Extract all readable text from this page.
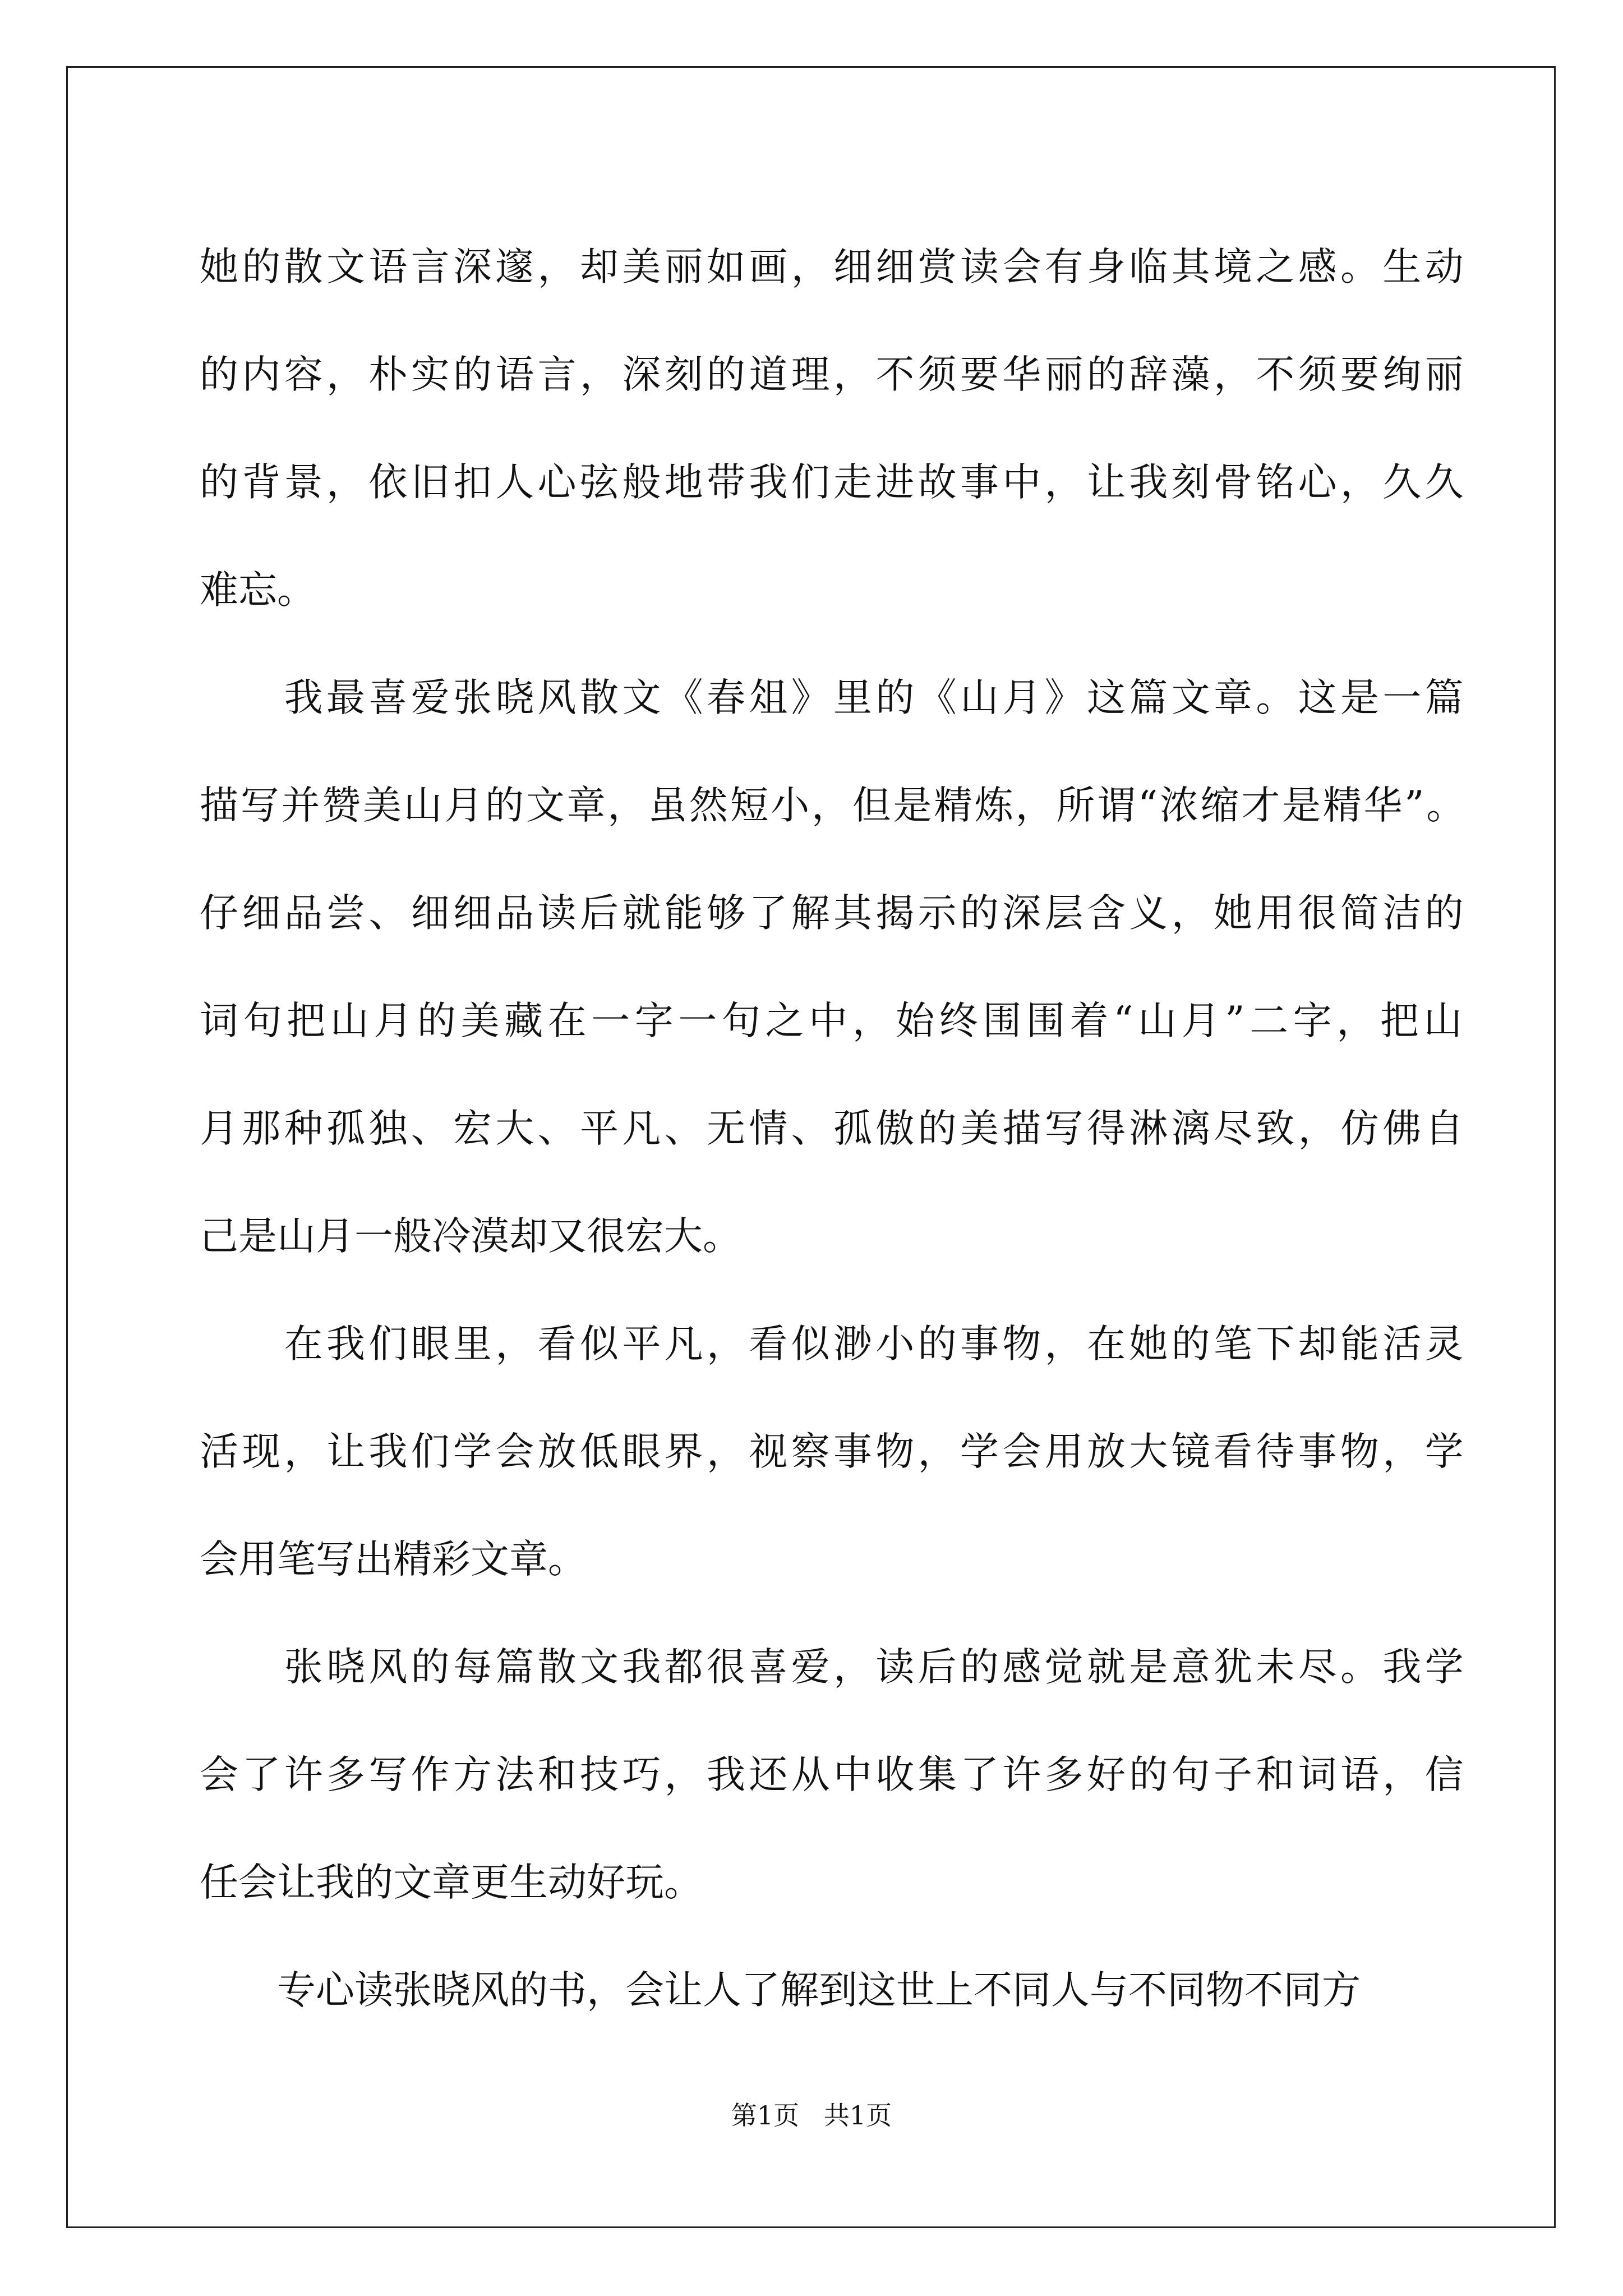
她的散文语言深邃，却美丽如画，细细赏读会有身临其境之感。生动
的内容，朴实的语言，深刻的道理，不须要华丽的辞藻，不须要绚丽
的背景，依旧扣人心弦般地带我们走进故事中，让我刻骨铭心，久久
难忘。
　　我最喜爱张晓风散文《春俎》里的《山月》这篇文章。这是一篇
描写并赞美山月的文章，虽然短小，但是精炼，所谓“浓缩才是精华”。
仔细品尝、细细品读后就能够了解其揭示的深层含义，她用很简洁的
词句把山月的美藏在一字一句之中，始终围围着“山月”二字，把山
月那种孤独、宏大、平凡、无情、孤傲的美描写得淋漓尽致，仿佛自
己是山月一般冷漠却又很宏大。
　　在我们眼里，看似平凡，看似渺小的事物，在她的笔下却能活灵
活现，让我们学会放低眼界，视察事物，学会用放大镜看待事物，学
会用笔写出精彩文章。
　　张晓风的每篇散文我都很喜爱，读后的感觉就是意犹未尽。我学
会了许多写作方法和技巧，我还从中收集了许多好的句子和词语，信
任会让我的文章更生动好玩。
　　专心读张晓风的书，会让人了解到这世上不同人与不同物不同方
第1页   共1页
